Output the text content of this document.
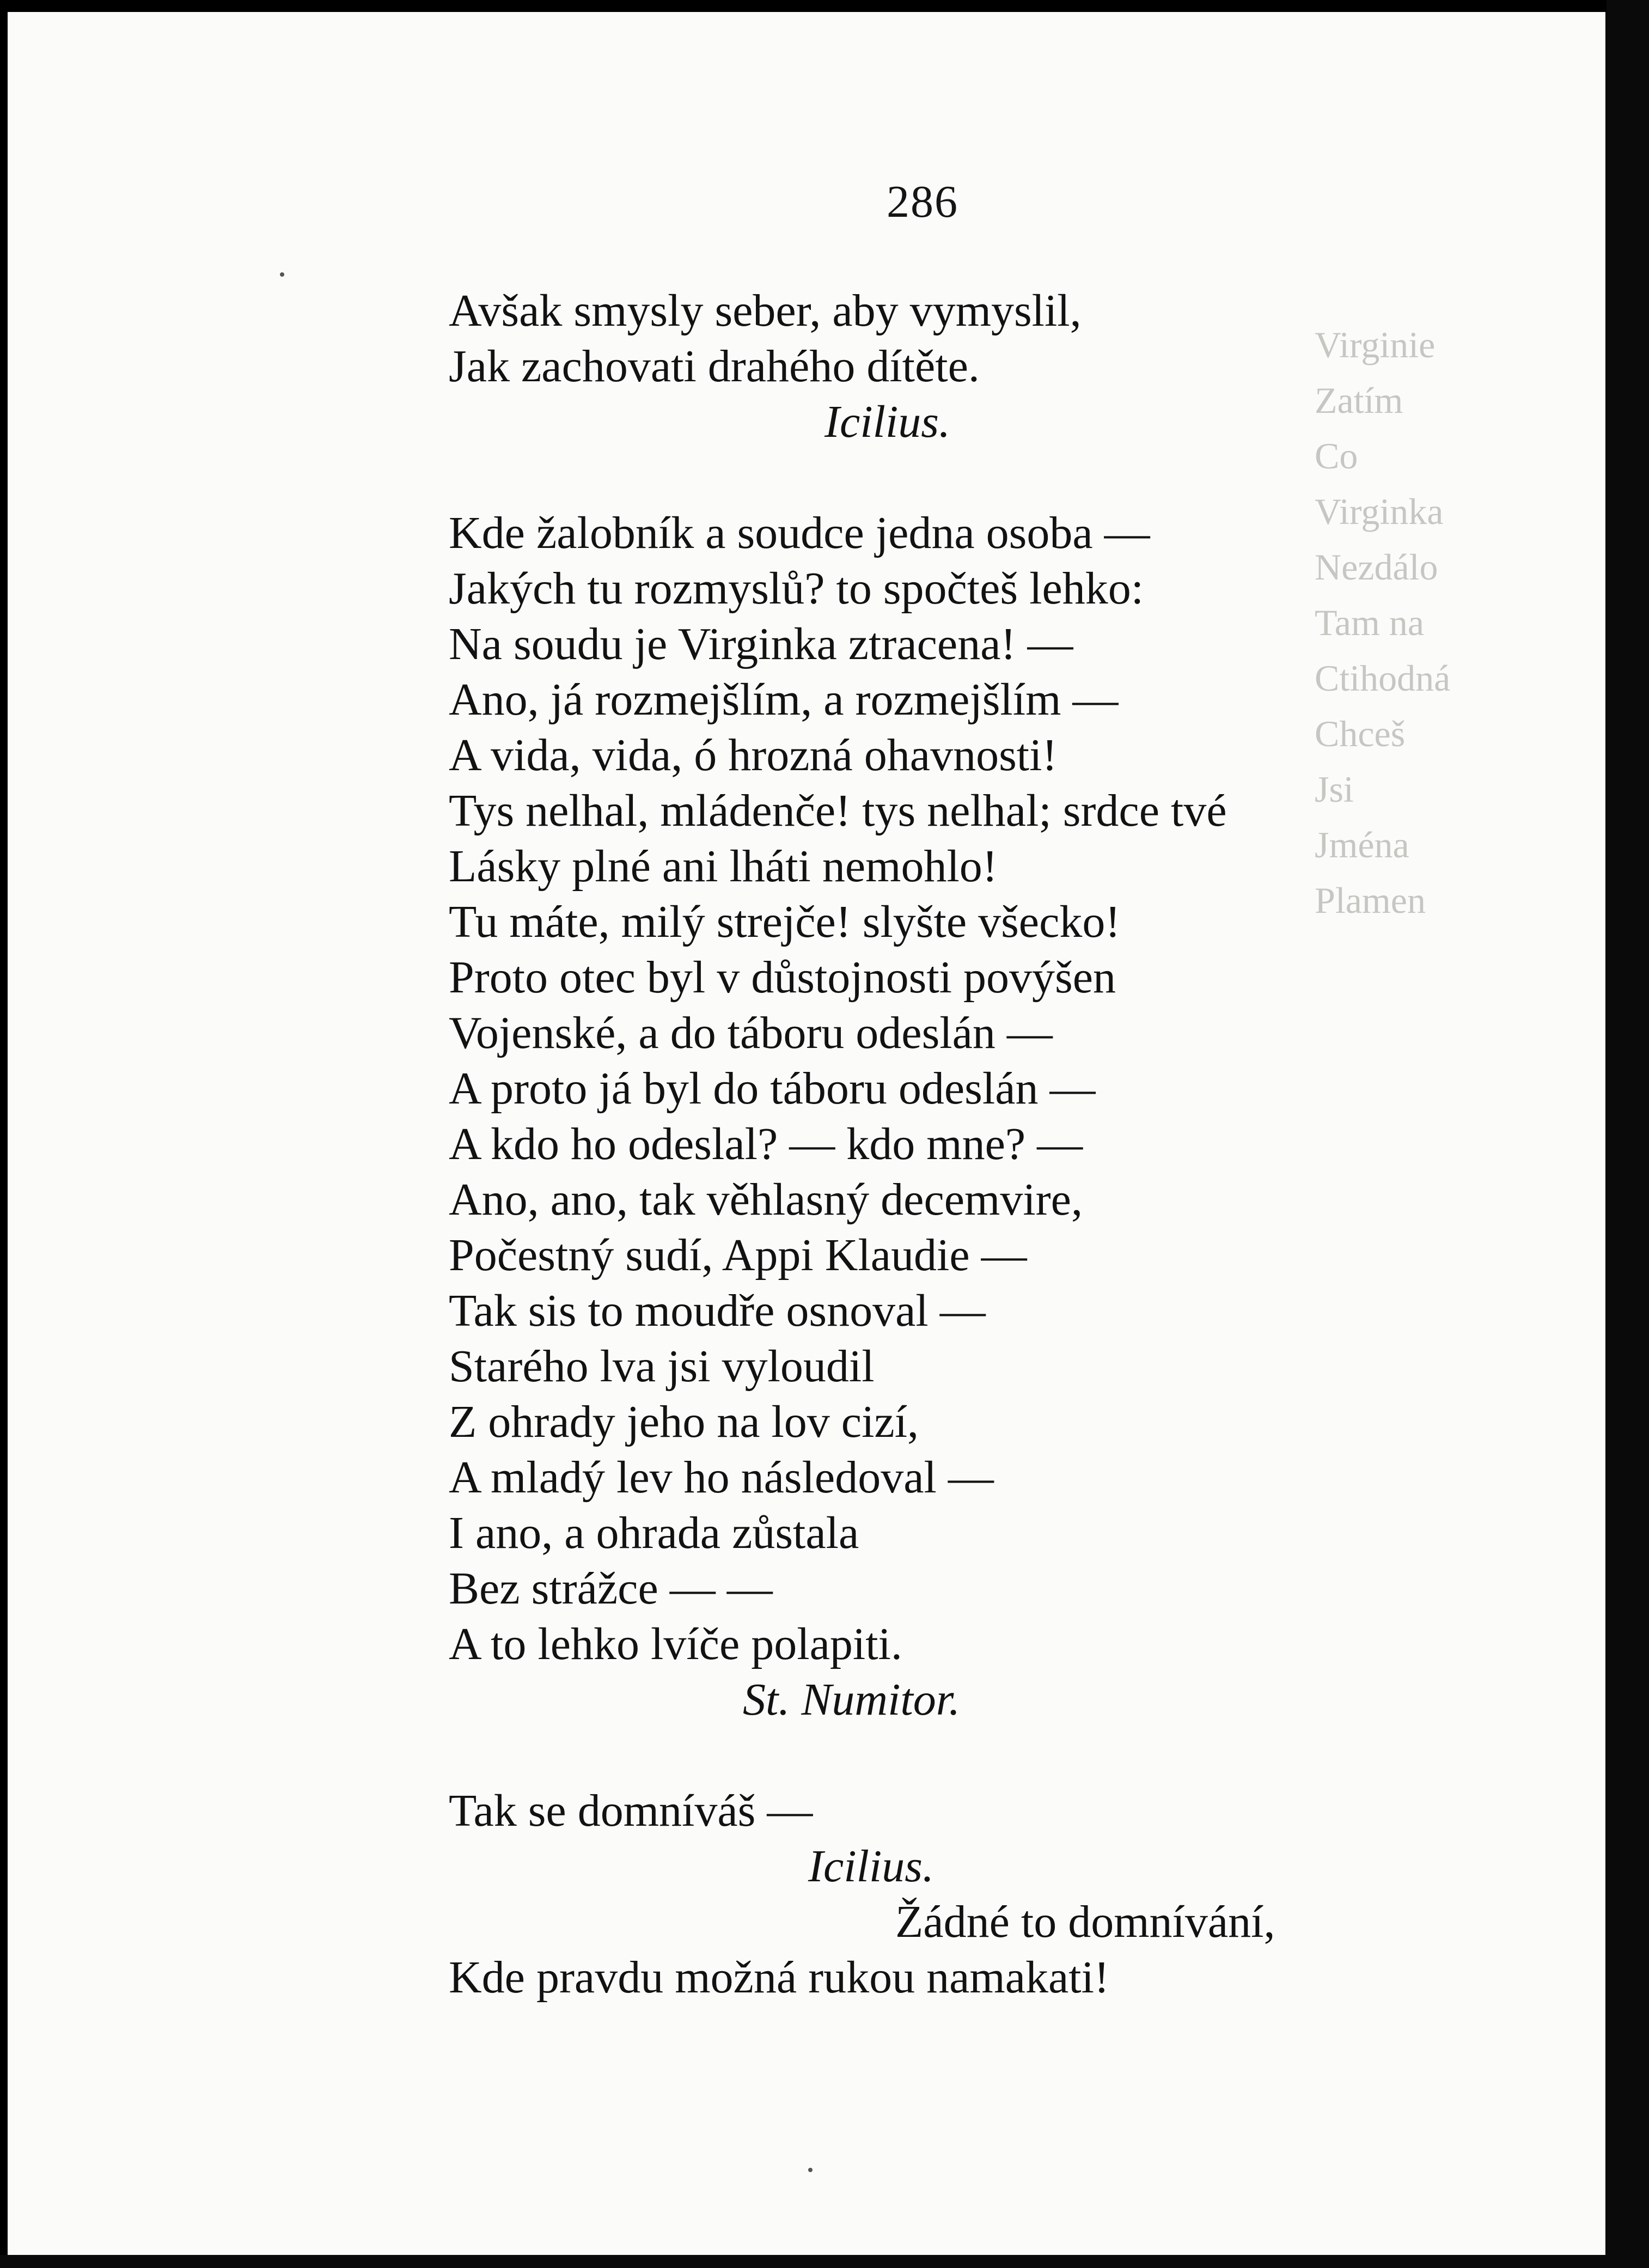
Virginie
Zatím
Co
Virginka
Nezdálo
Tam na
Ctihodná
Chceš
Jsi
Jména
Plamen
286
Avšak smysly seber, aby vymyslil,
Jak zachovati drahého dítěte.
Icilius.
Kde žalobník a soudce jedna osoba —
Jakých tu rozmyslů? to spočteš lehko:
Na soudu je Virginka ztracena! —
Ano, já rozmejšlím, a rozmejšlím —
A vida, vida, ó hrozná ohavnosti!
Tys nelhal, mládenče! tys nelhal; srdce tvé
Lásky plné ani lháti nemohlo!
Tu máte, milý strejče! slyšte všecko!
Proto otec byl v důstojnosti povýšen
Vojenské, a do táboru odeslán —
A proto já byl do táboru odeslán —
A kdo ho odeslal? — kdo mne? —
Ano, ano, tak věhlasný decemvire,
Počestný sudí, Appi Klaudie —
Tak sis to moudře osnoval —
Starého lva jsi vyloudil
Z ohrady jeho na lov cizí,
A mladý lev ho následoval —
I ano, a ohrada zůstala
Bez strážce — —
A to lehko lvíče polapiti.
St. Numitor.
Tak se domníváš —
Icilius.
Žádné to domnívání,
Kde pravdu možná rukou namakati!
